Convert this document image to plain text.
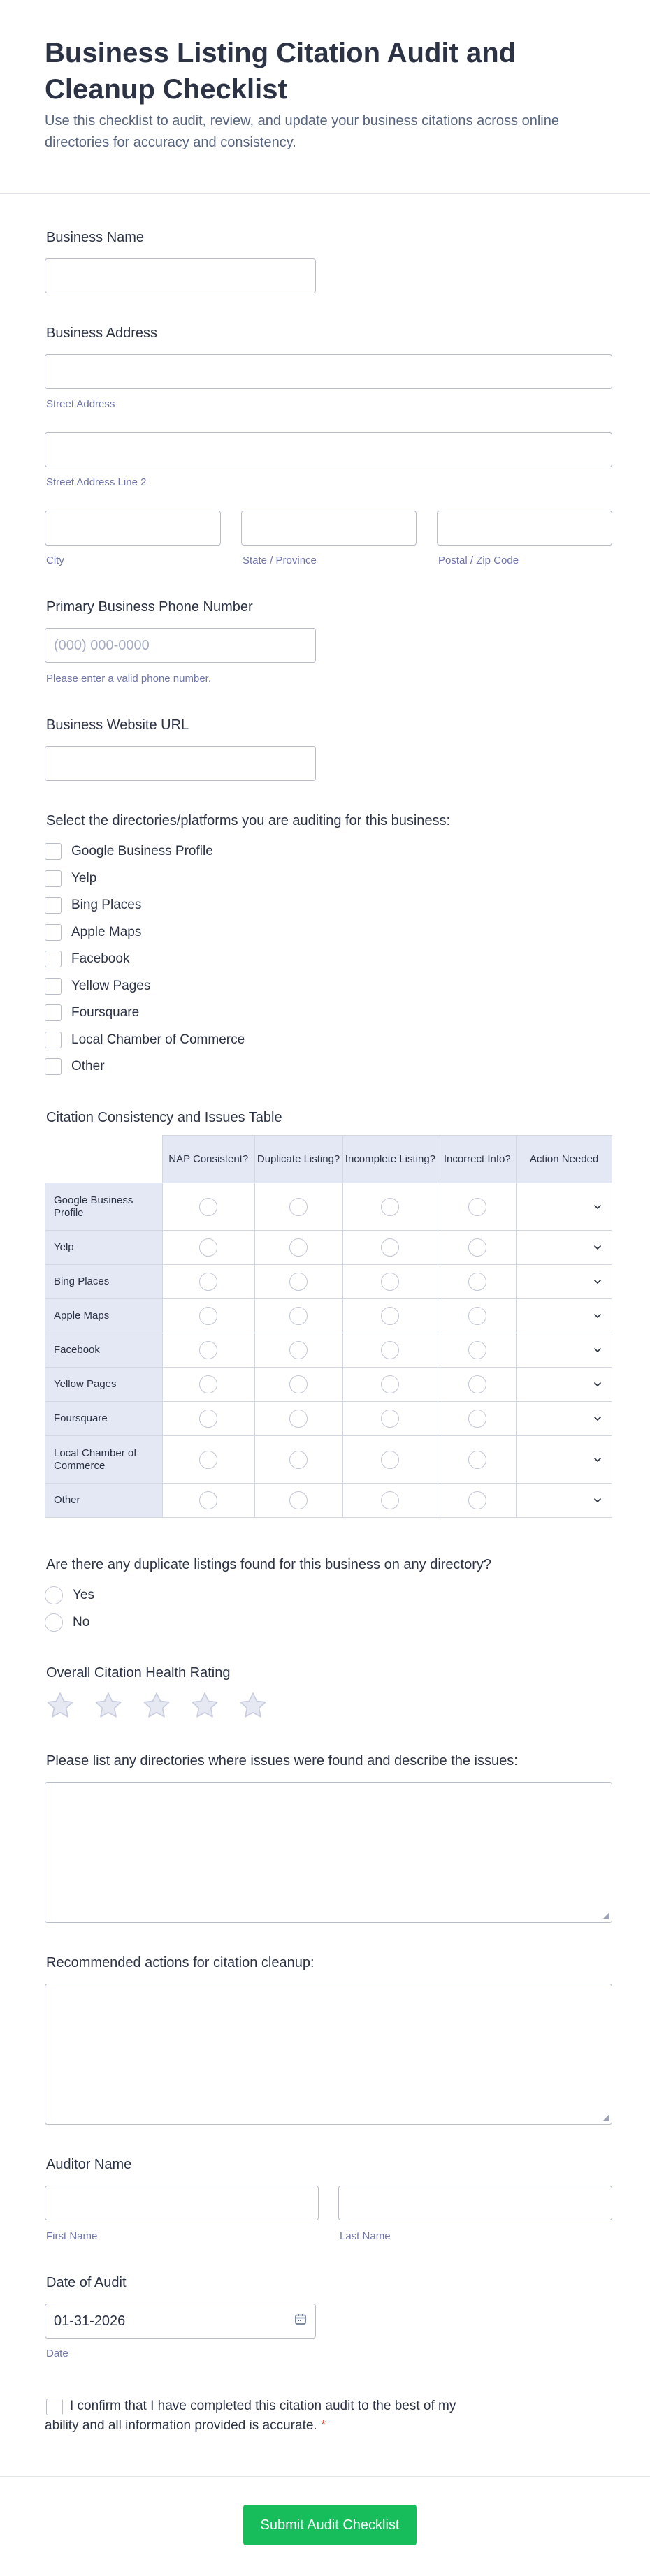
Business Listing Citation Audit and Cleanup Checklist

Use this checklist to audit, review, and update your business citations across online directories for accuracy and consistency.

Business Name
Business Address
Street Address
Street Address Line 2
City	State / Province	Postal / Zip Code
Primary Business Phone Number
(000) 000-0000
Please enter a valid phone number.
Business Website URL
Select the directories/platforms you are auditing for this business:
Google Business Profile
Yelp
Bing Places
Apple Maps
Facebook
Yellow Pages
Foursquare
Local Chamber of Commerce
Other
Citation Consistency and Issues Table
	NAP Consistent?	Duplicate Listing?	Incomplete Listing?	Incorrect Info?	Action Needed
Google Business Profile					
Yelp					
Bing Places					
Apple Maps					
Facebook					
Yellow Pages					
Foursquare					
Local Chamber of Commerce					
Other					
Are there any duplicate listings found for this business on any directory?
Yes
No
Overall Citation Health Rating
Please list any directories where issues were found and describe the issues:
◢
Recommended actions for citation cleanup:
◢
Auditor Name
First Name	Last Name
Date of Audit
01-31-2026
Date
I confirm that I have completed this citation audit to the best of my
ability and all information provided is accurate. *
Submit Audit Checklist
